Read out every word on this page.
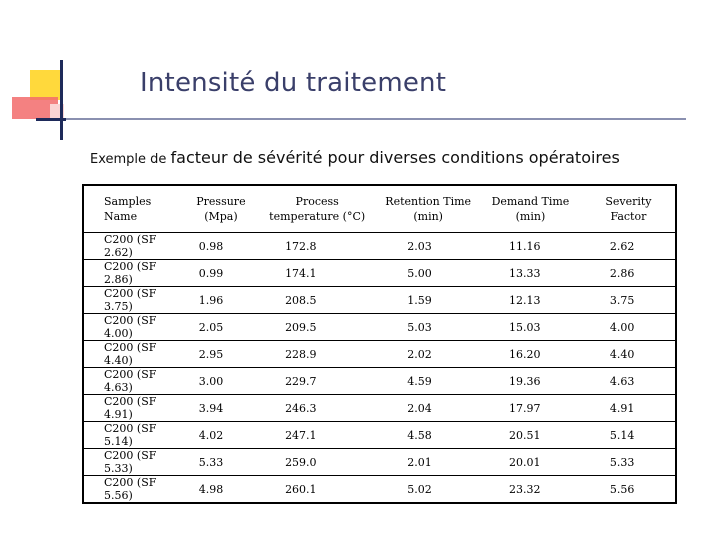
Intensité du traitement
Exemple de facteur de sévérité pour diverses conditions opératoires
Samples Name	Pressure (Mpa)	Process temperature (°C)	Retention Time (min)	Demand Time (min)	Severity Factor
C200 (SF 2.62)	0.98	172.8	2.03	11.16	2.62
C200 (SF 2.86)	0.99	174.1	5.00	13.33	2.86
C200 (SF 3.75)	1.96	208.5	1.59	12.13	3.75
C200 (SF 4.00)	2.05	209.5	5.03	15.03	4.00
C200 (SF 4.40)	2.95	228.9	2.02	16.20	4.40
C200 (SF 4.63)	3.00	229.7	4.59	19.36	4.63
C200 (SF 4.91)	3.94	246.3	2.04	17.97	4.91
C200 (SF 5.14)	4.02	247.1	4.58	20.51	5.14
C200 (SF 5.33)	5.33	259.0	2.01	20.01	5.33
C200 (SF 5.56)	4.98	260.1	5.02	23.32	5.56
